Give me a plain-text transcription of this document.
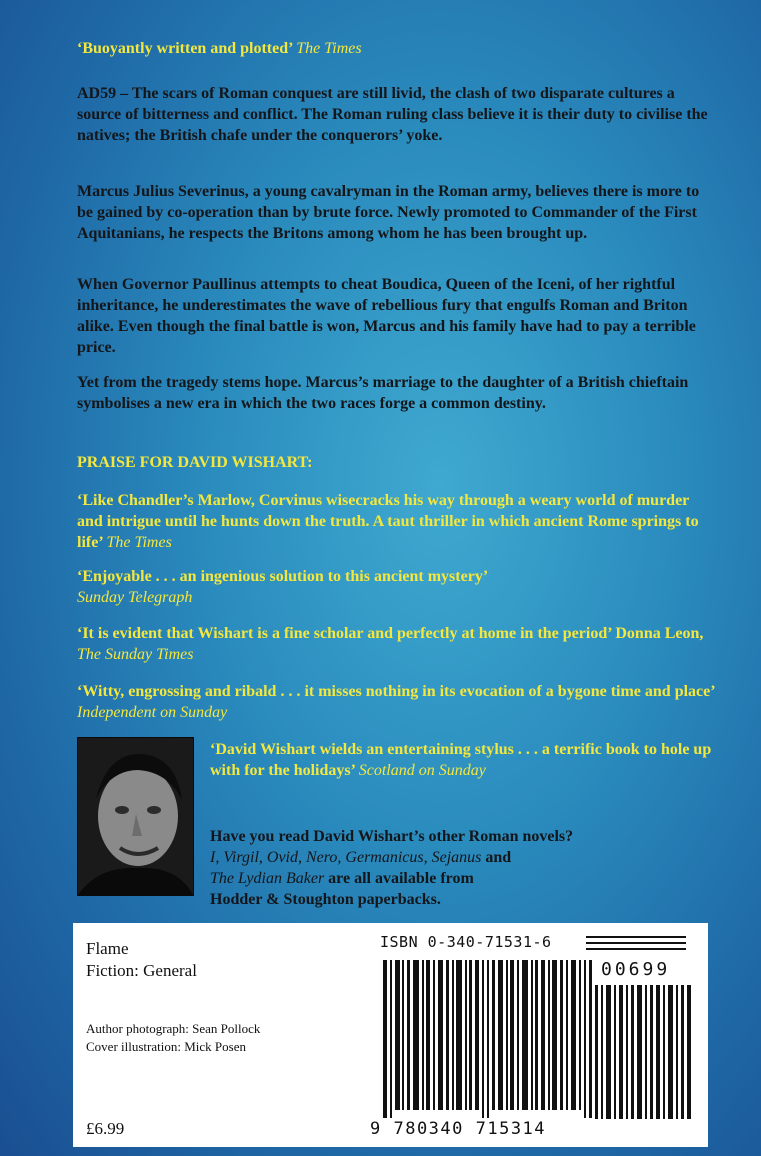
‘Buoyantly written and plotted’ The Times

AD59 – The scars of Roman conquest are still livid, the clash of two disparate cultures a source of bitterness and conflict. The Roman ruling class believe it is their duty to civilise the natives; the British chafe under the conquerors’ yoke.

Marcus Julius Severinus, a young cavalryman in the Roman army, believes there is more to be gained by co-operation than by brute force. Newly promoted to Commander of the First Aquitanians, he respects the Britons among whom he has been brought up.

When Governor Paullinus attempts to cheat Boudica, Queen of the Iceni, of her rightful inheritance, he underestimates the wave of rebellious fury that engulfs Roman and Briton alike. Even though the final battle is won, Marcus and his family have had to pay a terrible price.

Yet from the tragedy stems hope. Marcus’s marriage to the daughter of a British chieftain symbolises a new era in which the two races forge a common destiny.

PRAISE FOR DAVID WISHART:

‘Like Chandler’s Marlow, Corvinus wisecracks his way through a weary world of murder and intrigue until he hunts down the truth. A taut thriller in which ancient Rome springs to life’ The Times

‘Enjoyable . . . an ingenious solution to this ancient mystery’
Sunday Telegraph

‘It is evident that Wishart is a fine scholar and perfectly at home in the period’ Donna Leon, The Sunday Times

‘Witty, engrossing and ribald . . . it misses nothing in its evocation of a bygone time and place’ Independent on Sunday

‘David Wishart wields an entertaining stylus . . . a terrific book to hole up with for the holidays’ Scotland on Sunday

Have you read David Wishart’s other Roman novels?
I, Virgil, Ovid, Nero, Germanicus, Sejanus and
The Lydian Baker are all available from
Hodder & Stoughton paperbacks.

Flame
Fiction: General
Author photograph: Sean Pollock
Cover illustration: Mick Posen
£6.99
ISBN 0-340-71531-6
00699
9 780340 715314
